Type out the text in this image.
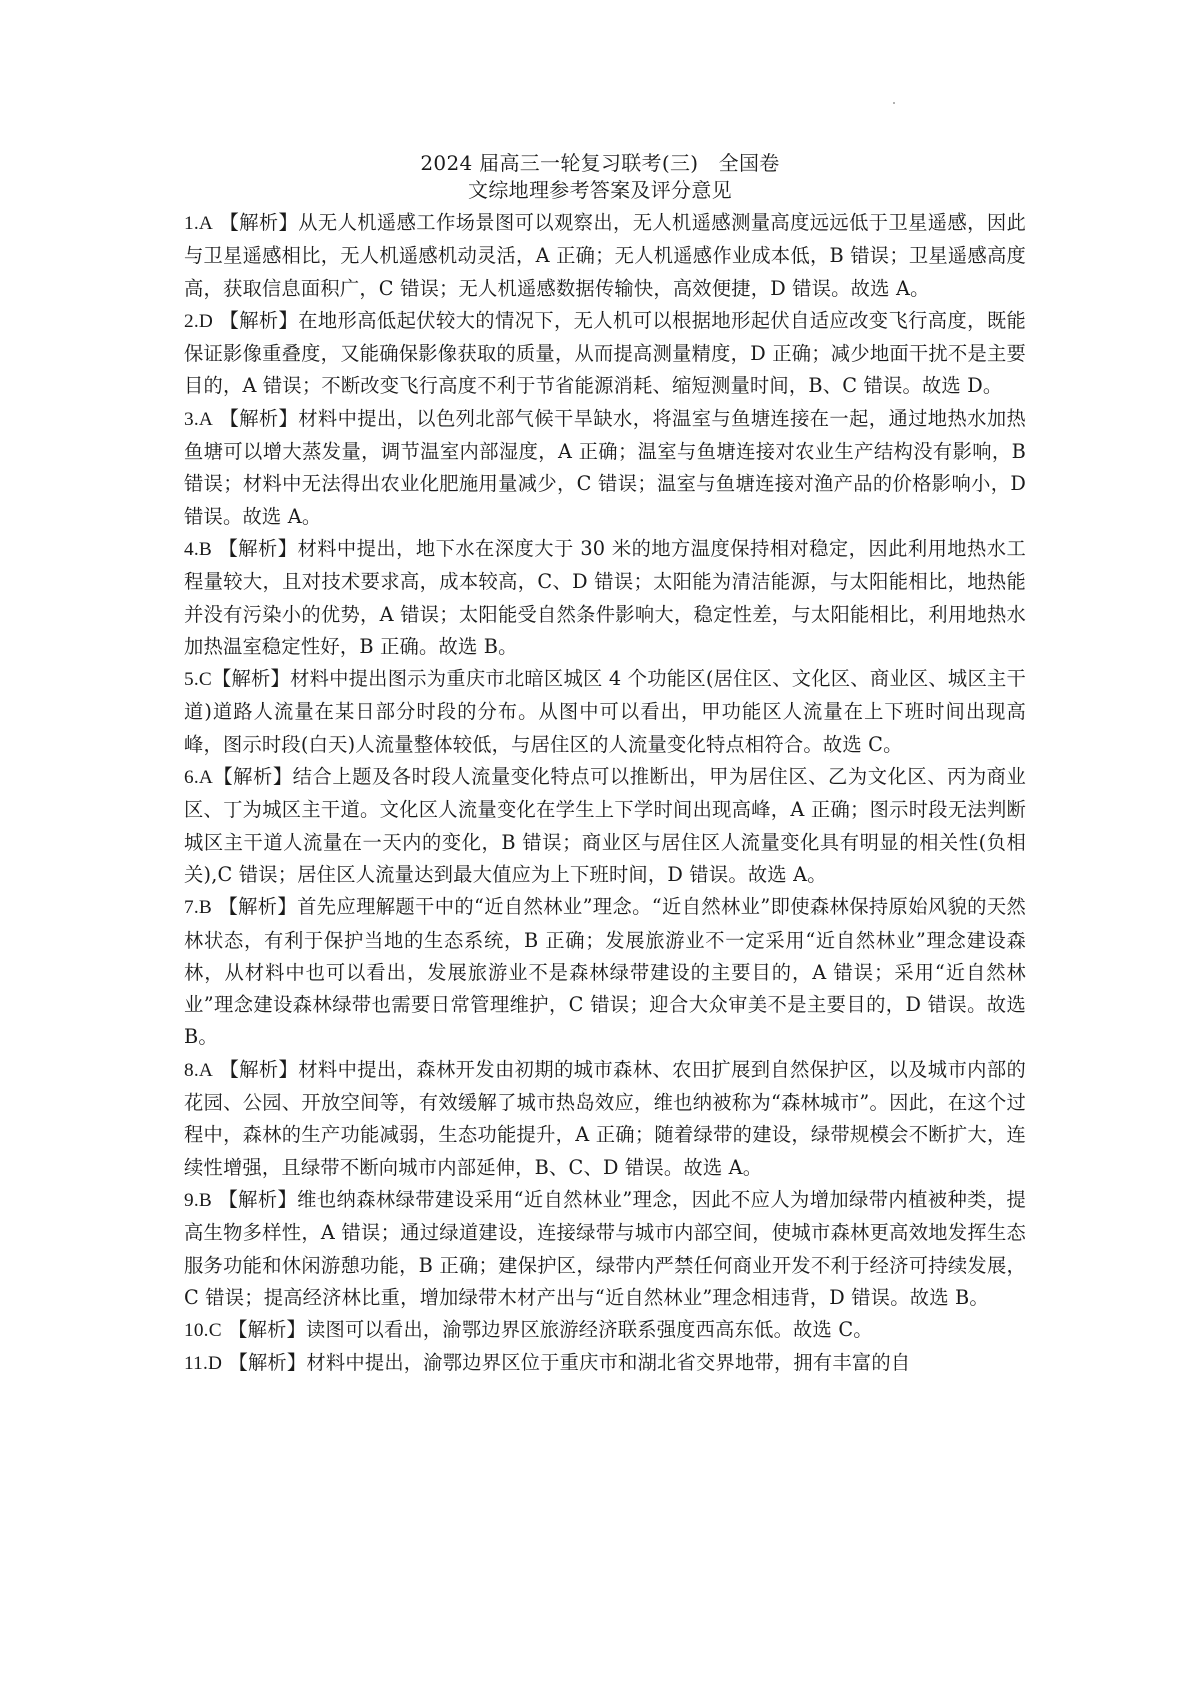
2024 届高三一轮复习联考(三)　全国卷

文综地理参考答案及评分意见

1.A 【解析】从无人机遥感工作场景图可以观察出，无人机遥感测量高度远远低于卫星遥感，因此与卫星遥感相比，无人机遥感机动灵活，A 正确；无人机遥感作业成本低，B 错误；卫星遥感高度高，获取信息面积广，C 错误；无人机遥感数据传输快，高效便捷，D 错误。故选 A。

2.D 【解析】在地形高低起伏较大的情况下，无人机可以根据地形起伏自适应改变飞行高度，既能保证影像重叠度，又能确保影像获取的质量，从而提高测量精度，D 正确；减少地面干扰不是主要目的，A 错误；不断改变飞行高度不利于节省能源消耗、缩短测量时间，B、C 错误。故选 D。

3.A 【解析】材料中提出，以色列北部气候干旱缺水，将温室与鱼塘连接在一起，通过地热水加热鱼塘可以增大蒸发量，调节温室内部湿度，A 正确；温室与鱼塘连接对农业生产结构没有影响，B 错误；材料中无法得出农业化肥施用量减少，C 错误；温室与鱼塘连接对渔产品的价格影响小，D 错误。故选 A。

4.B 【解析】材料中提出，地下水在深度大于 30 米的地方温度保持相对稳定，因此利用地热水工程量较大，且对技术要求高，成本较高，C、D 错误；太阳能为清洁能源，与太阳能相比，地热能并没有污染小的优势，A 错误；太阳能受自然条件影响大，稳定性差，与太阳能相比，利用地热水加热温室稳定性好，B 正确。故选 B。

5.C【解析】材料中提出图示为重庆市北暗区城区 4 个功能区(居住区、文化区、商业区、城区主干道)道路人流量在某日部分时段的分布。从图中可以看出，甲功能区人流量在上下班时间出现高峰，图示时段(白天)人流量整体较低，与居住区的人流量变化特点相符合。故选 C。

6.A【解析】结合上题及各时段人流量变化特点可以推断出，甲为居住区、乙为文化区、丙为商业区、丁为城区主干道。文化区人流量变化在学生上下学时间出现高峰，A 正确；图示时段无法判断城区主干道人流量在一天内的变化，B 错误；商业区与居住区人流量变化具有明显的相关性(负相关),C 错误；居住区人流量达到最大值应为上下班时间，D 错误。故选 A。

7.B 【解析】首先应理解题干中的“近自然林业”理念。“近自然林业”即使森林保持原始风貌的天然林状态，有利于保护当地的生态系统，B 正确；发展旅游业不一定采用“近自然林业”理念建设森林，从材料中也可以看出，发展旅游业不是森林绿带建设的主要目的，A 错误；采用“近自然林业”理念建设森林绿带也需要日常管理维护，C 错误；迎合大众审美不是主要目的，D 错误。故选 B。

8.A 【解析】材料中提出，森林开发由初期的城市森林、农田扩展到自然保护区，以及城市内部的花园、公园、开放空间等，有效缓解了城市热岛效应，维也纳被称为“森林城市”。因此，在这个过程中，森林的生产功能减弱，生态功能提升，A 正确；随着绿带的建设，绿带规模会不断扩大，连续性增强，且绿带不断向城市内部延伸，B、C、D 错误。故选 A。

9.B 【解析】维也纳森林绿带建设采用“近自然林业”理念，因此不应人为增加绿带内植被种类，提高生物多样性，A 错误；通过绿道建设，连接绿带与城市内部空间，使城市森林更高效地发挥生态服务功能和休闲游憩功能，B 正确；建保护区，绿带内严禁任何商业开发不利于经济可持续发展，C 错误；提高经济林比重，增加绿带木材产出与“近自然林业”理念相违背，D 错误。故选 B。

10.C 【解析】读图可以看出，渝鄂边界区旅游经济联系强度西高东低。故选 C。

11.D 【解析】材料中提出，渝鄂边界区位于重庆市和湖北省交界地带，拥有丰富的自
